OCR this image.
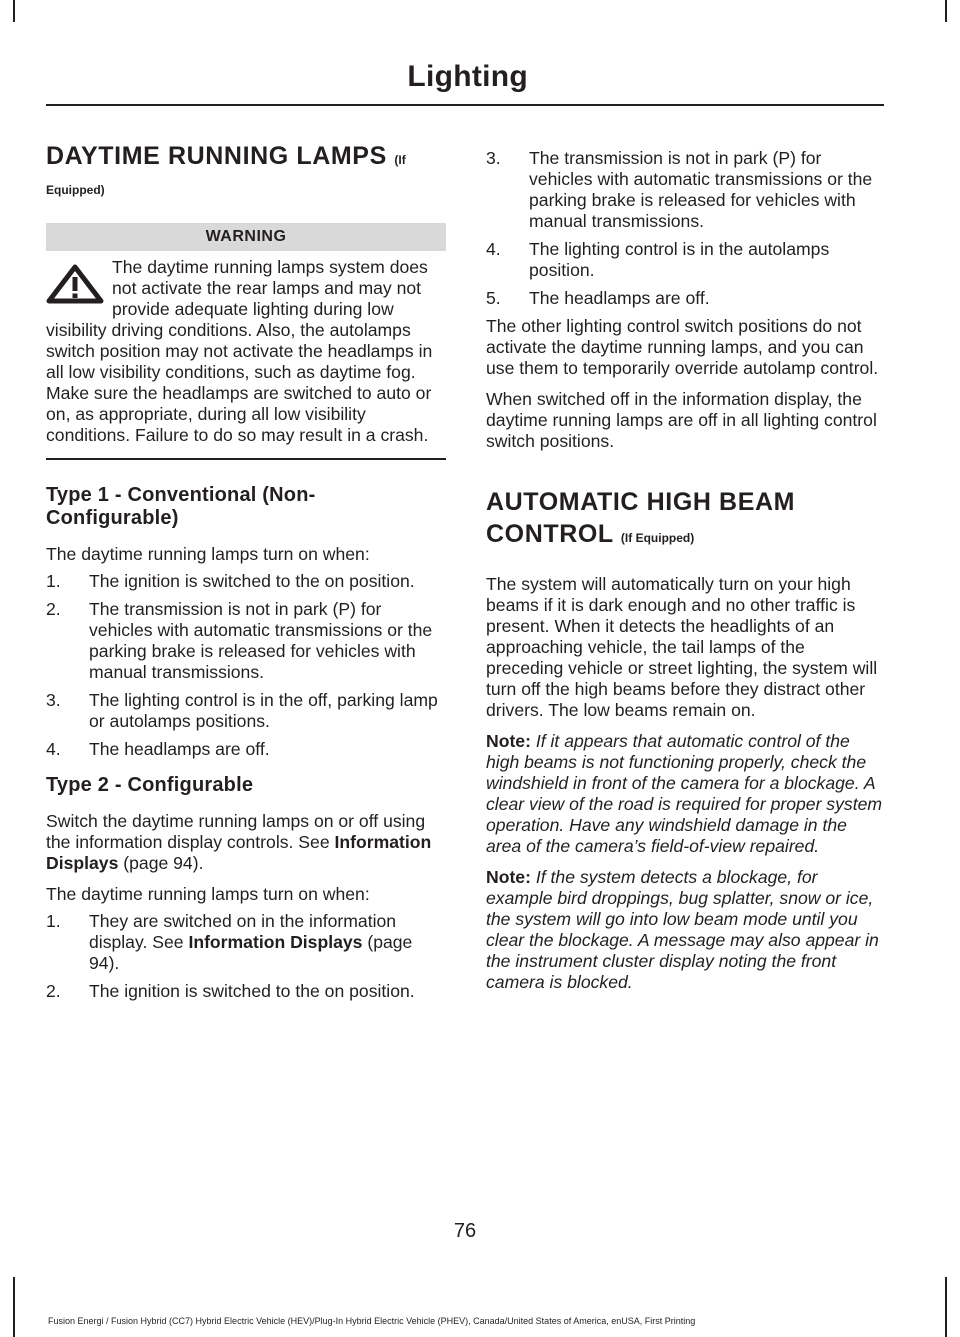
Lighting
DAYTIME RUNNING LAMPS (If
Equipped)
WARNING

The daytime running lamps system does not activate the rear lamps and may not provide adequate lighting during low visibility driving conditions. Also, the autolamps switch position may not activate the headlamps in all low visibility conditions, such as daytime fog. Make sure the headlamps are switched to auto or on, as appropriate, during all low visibility conditions. Failure to do so may result in a crash.

Type 1 - Conventional (Non-Configurable)

The daytime running lamps turn on when:

1. The ignition is switched to the on position.
2. The transmission is not in park (P) for vehicles with automatic transmissions or the parking brake is released for vehicles with manual transmissions.
3. The lighting control is in the off, parking lamp or autolamps positions.
4. The headlamps are off.
Type 2 - Configurable

Switch the daytime running lamps on or off using the information display controls. See Information Displays (page 94).

The daytime running lamps turn on when:

1. They are switched on in the information display. See Information Displays (page 94).
2. The ignition is switched to the on position.
3. The transmission is not in park (P) for vehicles with automatic transmissions or the parking brake is released for vehicles with manual transmissions.
4. The lighting control is in the autolamps position.
5. The headlamps are off.

The other lighting control switch positions do not activate the daytime running lamps, and you can use them to temporarily override autolamp control.

When switched off in the information display, the daytime running lamps are off in all lighting control switch positions.

AUTOMATIC HIGH BEAM
CONTROL (If Equipped)

The system will automatically turn on your high beams if it is dark enough and no other traffic is present. When it detects the headlights of an approaching vehicle, the tail lamps of the preceding vehicle or street lighting, the system will turn off the high beams before they distract other drivers. The low beams remain on.

Note: If it appears that automatic control of the high beams is not functioning properly, check the windshield in front of the camera for a blockage. A clear view of the road is required for proper system operation. Have any windshield damage in the area of the camera’s field-of-view repaired.

Note: If the system detects a blockage, for example bird droppings, bug splatter, snow or ice, the system will go into low beam mode until you clear the blockage. A message may also appear in the instrument cluster display noting the front camera is blocked.

76
Fusion Energi / Fusion Hybrid (CC7) Hybrid Electric Vehicle (HEV)/Plug-In Hybrid Electric Vehicle (PHEV), Canada/United States of America, enUSA, First Printing
